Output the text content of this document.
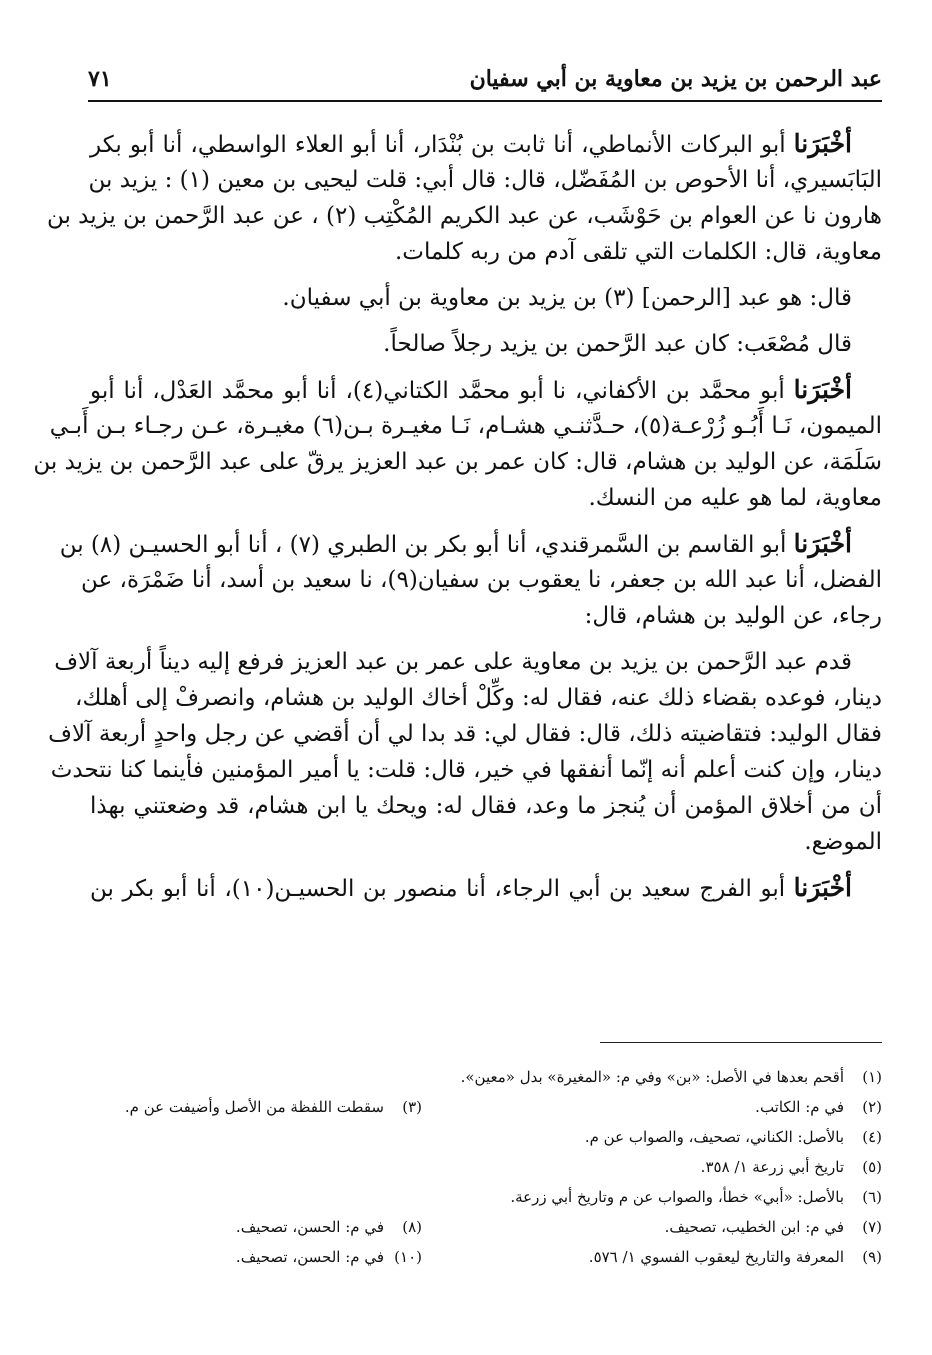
عبد الرحمن بن يزيد بن معاوية بن أبي سفيان
٧١
أخْبَرَنا أبو البركات الأنماطي، أنا ثابت بن بُنْدَار، أنا أبو العلاء الواسطي، أنا أبو بكر
البَابَسيري، أنا الأحوص بن المُفَضّل، قال: قال أبي: قلت ليحيى بن معين (١) : يزيد بن
هارون نا عن العوام بن حَوْشَب، عن عبد الكريم المُكْتِب (٢) ، عن عبد الرَّحمن بن يزيد بن
معاوية، قال: الكلمات التي تلقى آدم من ربه كلمات.
قال: هو عبد [الرحمن] (٣) بن يزيد بن معاوية بن أبي سفيان.
قال مُصْعَب: كان عبد الرَّحمن بن يزيد رجلاً صالحاً.
أخْبَرَنا أبو محمَّد بن الأكفاني، نا أبو محمَّد الكتاني(٤)، أنا أبو محمَّد العَدْل، أنا أبو
الميمون، نَـا أَبُـو زُرْعـة(٥)، حـدَّثنـي هشـام، نَـا مغيـرة بـن(٦) مغيـرة، عـن رجـاء بـن أَبـي
سَلَمَة، عن الوليد بن هشام، قال: كان عمر بن عبد العزيز يرقّ على عبد الرَّحمن بن يزيد بن
معاوية، لما هو عليه من النسك.
أخْبَرَنا أبو القاسم بن السَّمرقندي، أنا أبو بكر بن الطبري (٧) ، أنا أبو الحسيـن (٨) بن
الفضل، أنا عبد الله بن جعفر، نا يعقوب بن سفيان(٩)، نا سعيد بن أسد، أنا ضَمْرَة، عن
رجاء، عن الوليد بن هشام، قال:
قدم عبد الرَّحمن بن يزيد بن معاوية على عمر بن عبد العزيز فرفع إليه ديناً أربعة آلاف
دينار، فوعده بقضاء ذلك عنه، فقال له: وكِّلْ أخاك الوليد بن هشام، وانصرفْ إلى أهلك،
فقال الوليد: فتقاضيته ذلك، قال: فقال لي: قد بدا لي أن أقضي عن رجل واحدٍ أربعة آلاف
دينار، وإن كنت أعلم أنه إنّما أنفقها في خير، قال: قلت: يا أمير المؤمنين فأينما كنا نتحدث
أن من أخلاق المؤمن أن يُنجز ما وعد، فقال له: ويحك يا ابن هشام، قد وضعتني بهذا
الموضع.
أخْبَرَنا أبو الفرج سعيد بن أبي الرجاء، أنا منصور بن الحسيـن(١٠)، أنا أبو بكر بن
(١)أقحم بعدها في الأصل: «بن» وفي م: «المغيرة» بدل «معين».
(٢)في م: الكاتب.
(٣)سقطت اللفظة من الأصل وأضيفت عن م.
(٤)بالأصل: الكناني، تصحيف، والصواب عن م.
(٥)تاريخ أبي زرعة ١/ ٣٥٨.
(٦)بالأصل: «أبي» خطأ، والصواب عن م وتاريخ أبي زرعة.
(٧)في م: ابن الخطيب، تصحيف.
(٨)في م: الحسن، تصحيف.
(٩)المعرفة والتاريخ ليعقوب الفسوي ١/ ٥٧٦.
(١٠)في م: الحسن، تصحيف.
